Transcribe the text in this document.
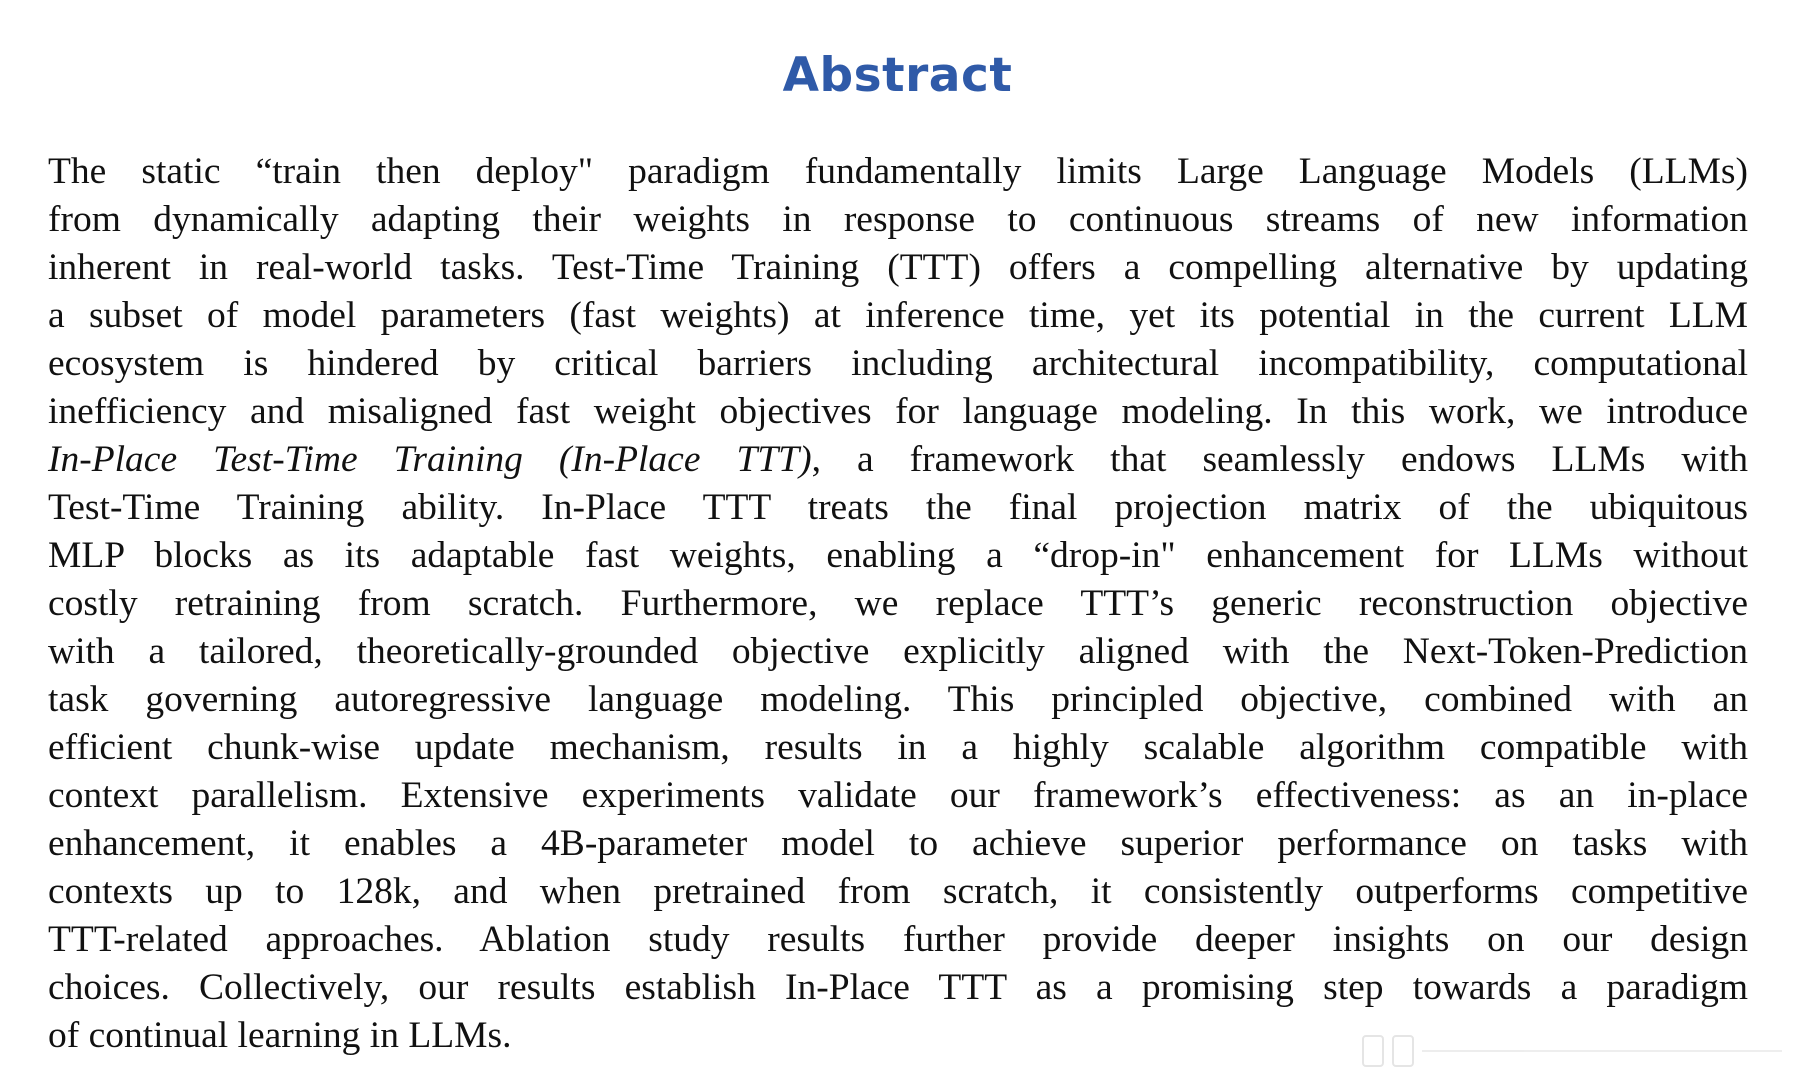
Abstract
The static “train then deploy" paradigm fundamentally limits Large Language Models (LLMs)
from dynamically adapting their weights in response to continuous streams of new information
inherent in real-world tasks. Test-Time Training (TTT) offers a compelling alternative by updating
a subset of model parameters (fast weights) at inference time, yet its potential in the current LLM
ecosystem is hindered by critical barriers including architectural incompatibility, computational
inefficiency and misaligned fast weight objectives for language modeling. In this work, we introduce
In-Place Test-Time Training (In-Place TTT), a framework that seamlessly endows LLMs with
Test-Time Training ability. In-Place TTT treats the final projection matrix of the ubiquitous
MLP blocks as its adaptable fast weights, enabling a “drop-in" enhancement for LLMs without
costly retraining from scratch. Furthermore, we replace TTT’s generic reconstruction objective
with a tailored, theoretically-grounded objective explicitly aligned with the Next-Token-Prediction
task governing autoregressive language modeling. This principled objective, combined with an
efficient chunk-wise update mechanism, results in a highly scalable algorithm compatible with
context parallelism. Extensive experiments validate our framework’s effectiveness: as an in-place
enhancement, it enables a 4B-parameter model to achieve superior performance on tasks with
contexts up to 128k, and when pretrained from scratch, it consistently outperforms competitive
TTT-related approaches. Ablation study results further provide deeper insights on our design
choices. Collectively, our results establish In-Place TTT as a promising step towards a paradigm
of continual learning in LLMs.
